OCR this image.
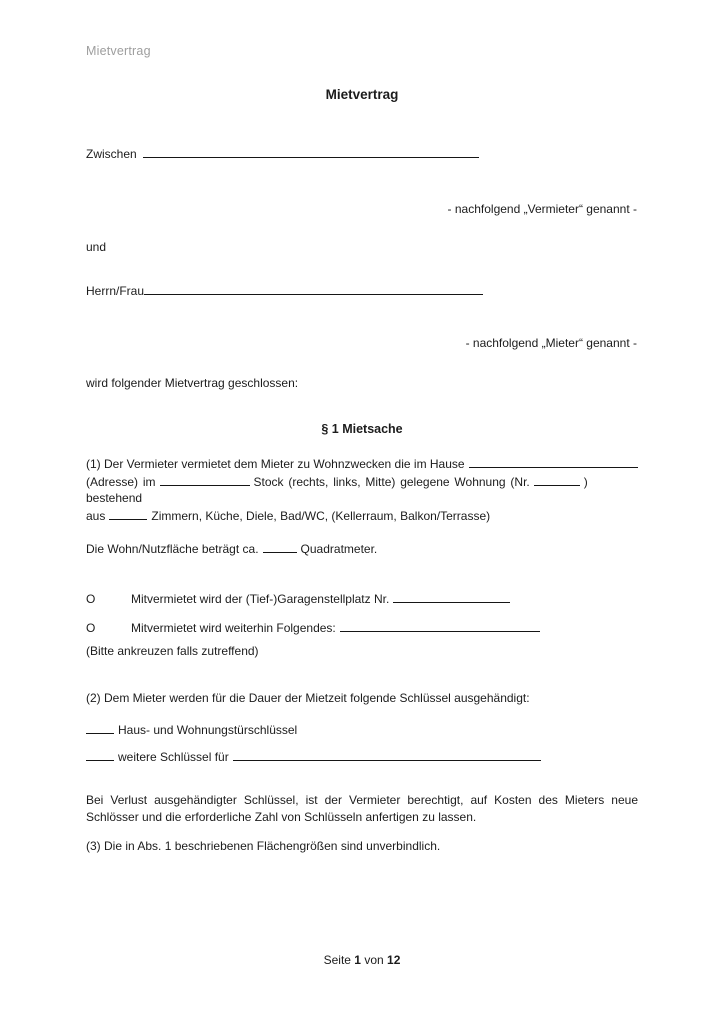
Mietvertrag
Mietvertrag
Zwischen
- nachfolgend „Vermieter“ genannt -
und
Herrn/Frau
- nachfolgend „Mieter“ genannt -
wird folgender Mietvertrag geschlossen:
§ 1 Mietsache
(1) Der Vermieter vermietet dem Mieter zu Wohnzwecken die im Hause
(Adresse) im	Stock (rechts, links, Mitte) gelegene Wohnung (Nr.	) bestehend
aus	Zimmern, Küche, Diele, Bad/WC, (Kellerraum, Balkon/Terrasse)
Die Wohn/Nutzfläche beträgt ca.	Quadratmeter.
O	Mitvermietet wird der (Tief-)Garagenstellplatz Nr.
O	Mitvermietet wird weiterhin Folgendes:
(Bitte ankreuzen falls zutreffend)
(2) Dem Mieter werden für die Dauer der Mietzeit folgende Schlüssel ausgehändigt:
Haus- und Wohnungstürschlüssel
weitere Schlüssel für
Bei Verlust ausgehändigter Schlüssel, ist der Vermieter berechtigt, auf Kosten des Mieters neue Schlösser und die erforderliche Zahl von Schlüsseln anfertigen zu lassen.
(3) Die in Abs. 1 beschriebenen Flächengrößen sind unverbindlich.
Seite 1 von 12
